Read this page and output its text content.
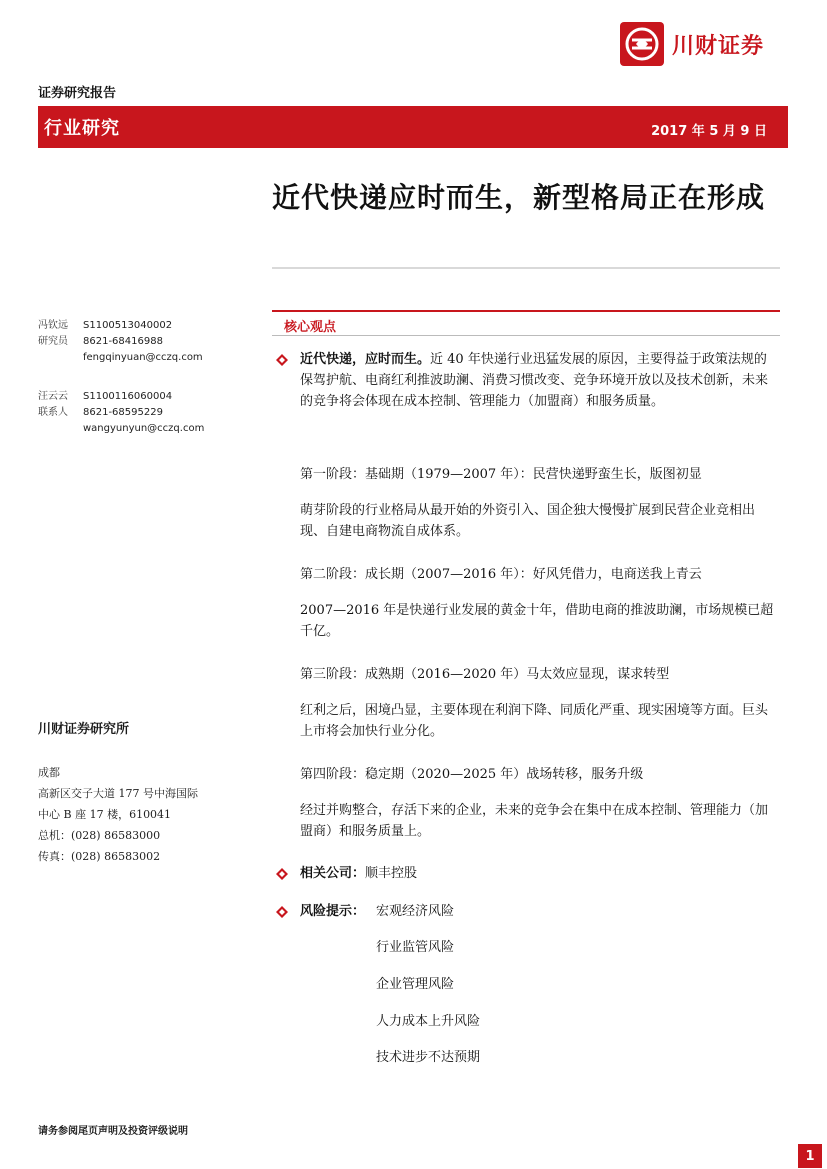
川财证券
证券研究报告
行业研究	2017 年 5 月 9 日
近代快递应时而生，新型格局正在形成
冯钦远	S1100513040002
研究员	8621-68416988
fengqinyuan@cczq.com
汪云云	S1100116060004
联系人	8621-68595229
wangyunyun@cczq.com
川财证券研究所
成都
高新区交子大道 177 号中海国际
中心 B 座 17 楼，610041
总机：(028) 86583000
传真：(028) 86583002
核心观点
近代快递，应时而生。近 40 年快递行业迅猛发展的原因，主要得益于政策法规的保驾护航、电商红利推波助澜、消费习惯改变、竞争环境开放以及技术创新，未来的竞争将会体现在成本控制、管理能力（加盟商）和服务质量。
第一阶段：基础期（1979—2007 年）：民营快递野蛮生长，版图初显
萌芽阶段的行业格局从最开始的外资引入、国企独大慢慢扩展到民营企业竞相出现、自建电商物流自成体系。
第二阶段：成长期（2007—2016 年）：好风凭借力，电商送我上青云
2007—2016 年是快递行业发展的黄金十年，借助电商的推波助澜，市场规模已超千亿。
第三阶段：成熟期（2016—2020 年）马太效应显现，谋求转型
红利之后，困境凸显，主要体现在利润下降、同质化严重、现实困境等方面。巨头上市将会加快行业分化。
第四阶段：稳定期（2020—2025 年）战场转移，服务升级
经过并购整合，存活下来的企业，未来的竞争会在集中在成本控制、管理能力（加盟商）和服务质量上。
相关公司：顺丰控股
风险提示： 宏观经济风险
行业监管风险
企业管理风险
人力成本上升风险
技术进步不达预期
请务参阅尾页声明及投资评级说明
1
